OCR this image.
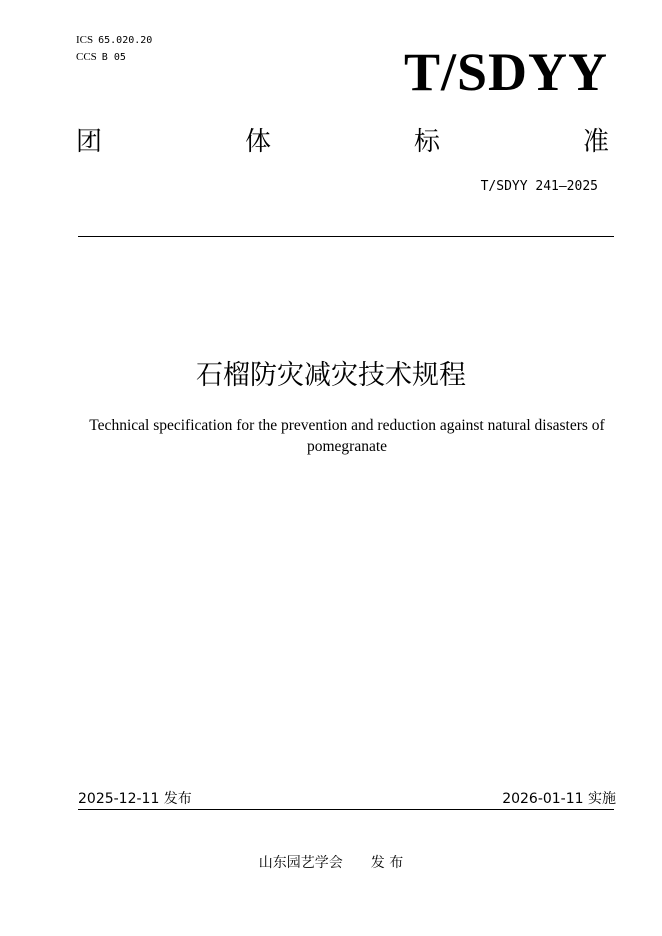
ICS 65.020.20
CCS B 05	T/SDYY
团	体	标	准
T/SDYY 241—2025
石榴防灾减灾技术规程
Technical specification for the prevention and reduction against natural disasters of
pomegranate
2025-12-11 发布	2026-01-11 实施
山东园艺学会 发 布
